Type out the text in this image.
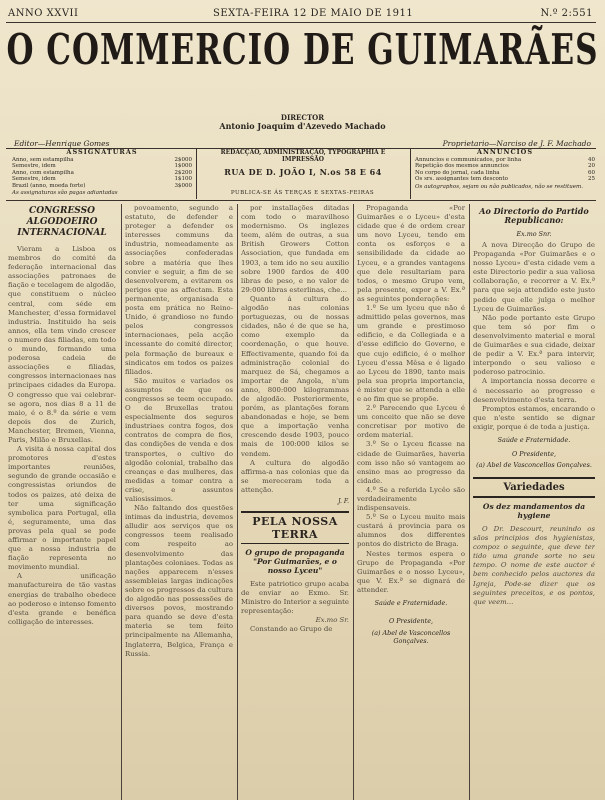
ANNO XXVII	SEXTA-FEIRA 12 DE MAIO DE 1911	N.º 2:551
O COMMERCIO DE GUIMARÃES
DIRECTOR
Antonio Joaquim d'Azevedo Machado
Editor—Henrique Gomes	Proprietario—Narciso de J. F. Machado
ASSIGNATURAS
Anno, sem estampilha	2$000
Semestre, idem	1$000
Anno, com estampilha	2$200
Semestre, idem	1$100
Brazil (anno, moeda forte)	3$000
As assignaturas são pagas adiantadas
REDACÇÃO, ADMINISTRAÇÃO, TYPOGRAPHIA E IMPRESSÃO
RUA DE D. JOÃO I, N.os 58 E 64
ANNUNCIOS
Annuncios e communicados, por linha	40
Repetição dos mesmos annuncios	20
No corpo do jornal, cada linha	60
Os srs. assignantes tem desconto	25
Os autographos, sejam ou não publicados, não se restituem.
PUBLICA-SE ÁS TERÇAS E SEXTAS-FEIRAS
CONGRESSO ALGODOEIRO INTERNACIONAL

Vieram a Lisboa os membros do comité da federação internacional das associações patronaes de fiação e tecelagem de algodão, que constituem o núcleo central, com séde em Manchester, d'essa formidavel industria. Instituido ha seis annos, ella tem vindo crescer o numero das filiadas, em todo o mundo, formando uma poderosa cadeia de associações e filiadas, congressos internacionaes nas principaes cidades da Europa. O congresso que vai celebrar-se agora, nos dias 8 a 11 de maio, é o 8.º da série e vem depois dos de Zurich, Manchester, Bremen, Vienna, Paris, Milão e Bruxellas.

A visita á nossa capital dos promotores d'estes importantes reuniões, segundo de grande occasião e congressistas oriundos de todos os paizes, até deixa de ter uma significação symbolica para Portugal, ella é, seguramente, uma das provas pela qual se pode affirmar o importante papel que a nossa industria de fiação representa no movimento mundial.

A unificação manufactureira de tão vastas energias de trabalho obedece ao poderoso e intenso fomento d'esta grande e benéfica colligação de interesses.

povoamento, segundo a estatuto, de defender e proteger a defender os interesses communs da industria, nomeadamente as associações confederadas sobre a matéria que lhes convier e seguir, a fim de se desenvolverem, a evitarem os perigos que as affectam. Esta permanente, organisada e posta em prática no Reino-Unido, é grandioso no fundo pelos congressos internacionaes, pela acção incessante do comité director, pela formação de bureaux e sindicatos em todos os paizes filiados.

São muitos e variados os assumptos de que os congressos se teem occupado. O de Bruxellas tratou especialmente dos seguros industriaes contra fogos, dos contratos de compra de fios, das condições de venda e dos transportes, o cultivo do algodão colonial, trabalho das creanças e das mulheres, das medidas a tomar contra a crise, e assuntos valiosissimos.

Não faltando dos questões intimas da industria, devemos alludir aos serviços que os congressos teem realisado com respeito ao desenvolvimento das plantações coloniaes. Todas as nações apparecem n'esses assembleias largas indicações sobre os progressos da cultura do algodão nas possessões de diversos povos, mostrando para quando se deve d'esta materia se tem feito principalmente na Allemanha, Inglaterra, Belgica, França e Russia.

por installações ditadas com todo o maravilhoso modernismo. Os inglezes teem, além de outras, a sua British Growers Cotton Association, que fundada em 1903, a tem ido no seu auxilio sobre 1900 fardos de 400 libras de peso, e no valor de 29:000 libras esterlinas, che...

Quanto á cultura do algodão nas colonias portuguezas, ou de nossas cidades, não é de que se ha, como exemplo da coordenação, o que houve. Effectivamente, quando foi da administração colonial do marquez de Sá, chegamos a importar de Angola, n'um anno, 800:000 kilogrammas de algodão. Posteriormente, porém, as plantações foram abandonadas e hoje, se bem que a importação venha crescendo desde 1903, pouco mais de 100:000 kilos se vendem.

A cultura do algodão affirma-a nas colonias que da se mereceram toda a attenção.

J. F.
PELA NOSSA TERRA
O grupo de propaganda "Por Guimarães, e o nosso Lyceu"

Este patriotico grupo acaba de enviar ao Exmo. Sr. Ministro do Interior a seguinte representação:

Ex.mo Sr.

Constando ao Grupo de

Propaganda «Por Guimarães e o Lyceu» d'esta cidade que é de ordem crear um novo Lyceu, tendo em conta os esforços e a sensibilidade da cidade ao Lyceu, e a grandes vantagens que dele resultariam para todos, o mesmo Grupo vem, pela presente, expor a V. Ex.ª as seguintes ponderações:

1.º Se um lyceu que não é admittido pelas governos, mas um grande e prestimoso edificio, e da Collegiada e a d'esse edificio do Governo, e que cujo edificio, é o melhor Lyceu d'essa Mêsa e é ligado ao Lyceu de 1890, tanto mais pela sua propria importancia, é mister que se attenda a elle e ao fim que se propõe.

2.º Parecendo que Lyceu é um conceito que não se deve concretisar por motivo de ordem material.

3.º Se o Lyceu ficasse na cidade de Guimarães, haveria com isso não só vantagem ao ensino mas ao progresso da cidade.

4.º Se a referida Lycêo são verdadeiramente indispensaveis.

5.º Se o Lyceu muito mais custará á provincia para os alumnos dos differentes pontos do districto de Braga.

Nestes termos espera o Grupo de Propaganda «Por Guimarães e o nosso Lyceu», que V. Ex.ª se dignará de attender.

Saúde e Fraternidade.
O Presidente,
(a) Abel de Vasconcellos Gonçalves.
Ao Directorio do Partido Republicano:
Ex.mo Snr.

A nova Direcção do Grupo de Propaganda «Por Guimarães e o nosso Lyceu» d'esta cidade vem a este Directorio pedir a sua valiosa collaboração, e recorrer a V. Ex.ª para que seja attendido este justo pedido que elle julga o melhor Lyceu de Guimarães.

Não pode portanto este Grupo que tem só por fim o desenvolvimento material e moral de Guimarães e sua cidade, deixar de pedir a V. Ex.ª para intervir, interpondo o seu valioso e poderoso patrocinio.

A importancia nossa decorre e é necessario ao progresso e desenvolvimento d'esta terra.

Promptos estamos, encarando o que n'este sentido se dignar exigir, porque é de toda a justiça.

Saúde e Fraternidade.
O Presidente,
(a) Abel de Vasconcellos Gonçalves.
Variedades
Os dez mandamentos da hygiene

O Dr. Descourt, reunindo os sãos principios dos hygienistas, compoz o seguinte, que deve ter tido uma grande sorte no seu tempo. O nome de este auctor é bem conhecido pelos auctores da Igreja, Pode-se dizer que os seguintes preceitos, e os pontos, que veem...
